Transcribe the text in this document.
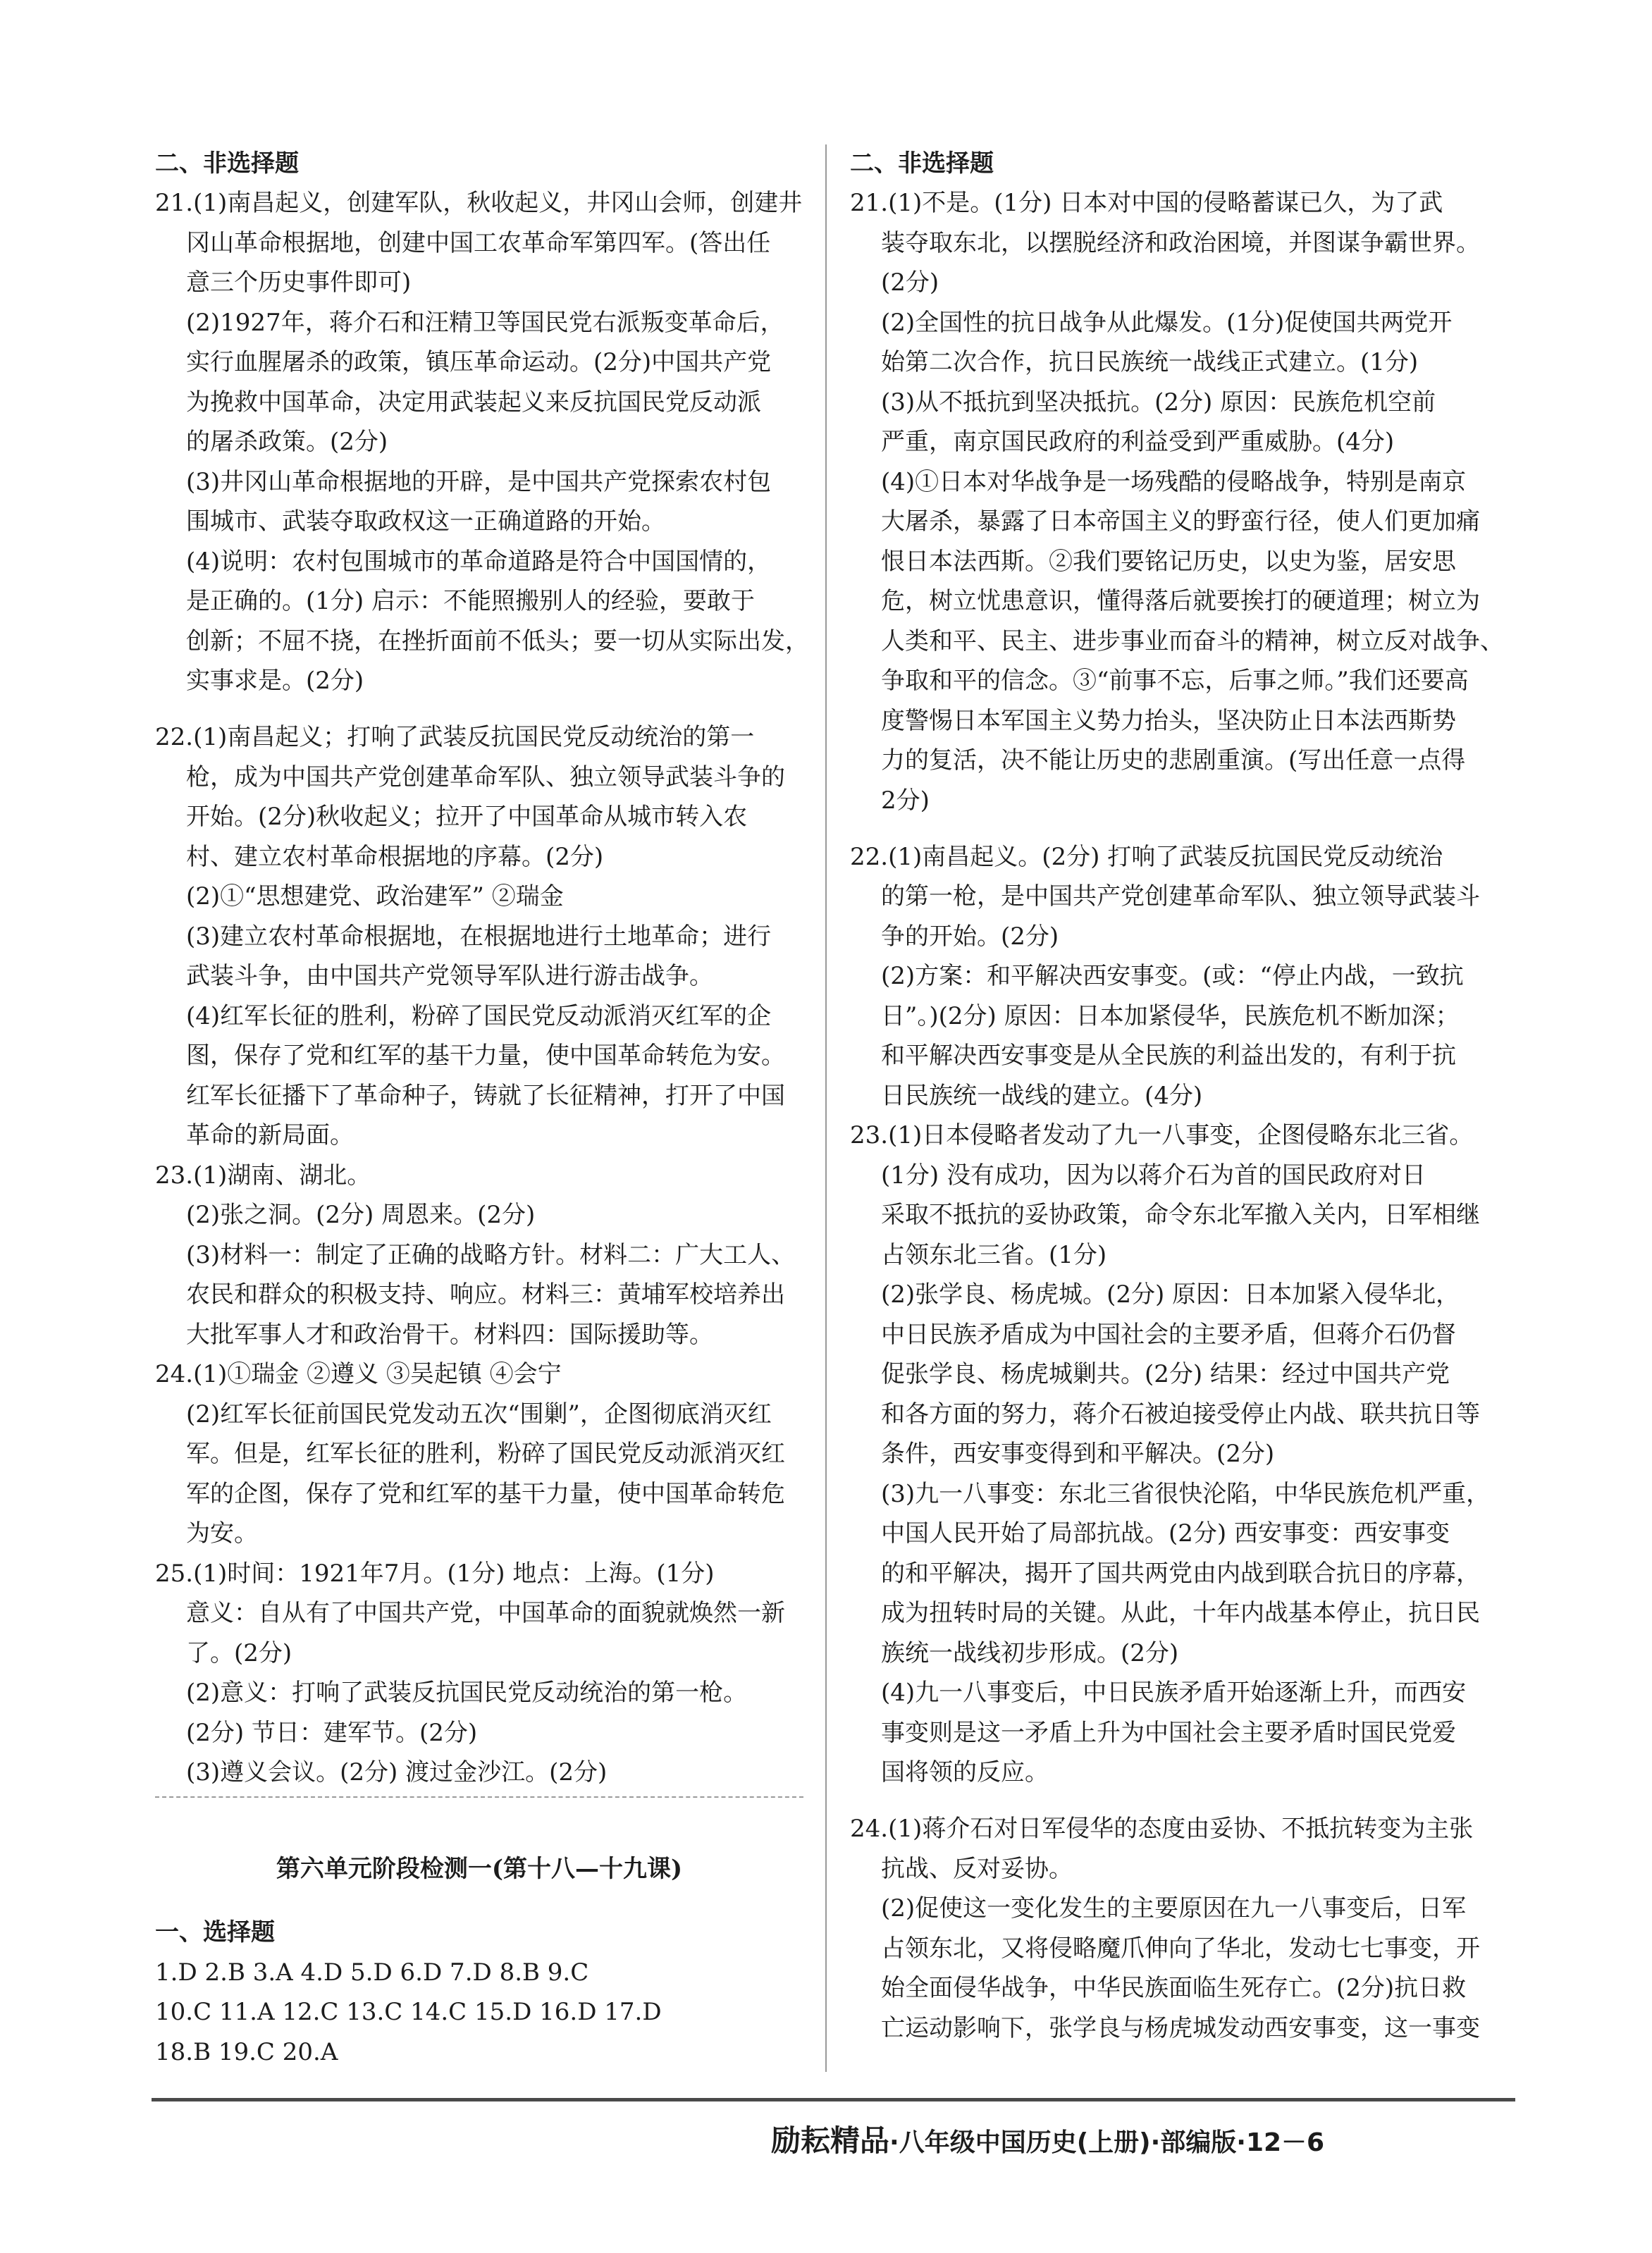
二、非选择题
21.(1)南昌起义，创建军队，秋收起义，井冈山会师，创建井
冈山革命根据地，创建中国工农革命军第四军。(答出任
意三个历史事件即可)
(2)1927年，蒋介石和汪精卫等国民党右派叛变革命后，
实行血腥屠杀的政策，镇压革命运动。(2分)中国共产党
为挽救中国革命，决定用武装起义来反抗国民党反动派
的屠杀政策。(2分)
(3)井冈山革命根据地的开辟，是中国共产党探索农村包
围城市、武装夺取政权这一正确道路的开始。
(4)说明：农村包围城市的革命道路是符合中国国情的，
是正确的。(1分) 启示：不能照搬别人的经验，要敢于
创新；不屈不挠，在挫折面前不低头；要一切从实际出发，
实事求是。(2分)
22.(1)南昌起义；打响了武装反抗国民党反动统治的第一
枪，成为中国共产党创建革命军队、独立领导武装斗争的
开始。(2分)秋收起义；拉开了中国革命从城市转入农
村、建立农村革命根据地的序幕。(2分)
(2)①“思想建党、政治建军” ②瑞金
(3)建立农村革命根据地，在根据地进行土地革命；进行
武装斗争，由中国共产党领导军队进行游击战争。
(4)红军长征的胜利，粉碎了国民党反动派消灭红军的企
图，保存了党和红军的基干力量，使中国革命转危为安。
红军长征播下了革命种子，铸就了长征精神，打开了中国
革命的新局面。
23.(1)湖南、湖北。
(2)张之洞。(2分) 周恩来。(2分)
(3)材料一：制定了正确的战略方针。材料二：广大工人、
农民和群众的积极支持、响应。材料三：黄埔军校培养出
大批军事人才和政治骨干。材料四：国际援助等。
24.(1)①瑞金 ②遵义 ③吴起镇 ④会宁
(2)红军长征前国民党发动五次“围剿”，企图彻底消灭红
军。但是，红军长征的胜利，粉碎了国民党反动派消灭红
军的企图，保存了党和红军的基干力量，使中国革命转危
为安。
25.(1)时间：1921年7月。(1分) 地点：上海。(1分)
意义：自从有了中国共产党，中国革命的面貌就焕然一新
了。(2分)
(2)意义：打响了武装反抗国民党反动统治的第一枪。
(2分) 节日：建军节。(2分)
(3)遵义会议。(2分) 渡过金沙江。(2分)
第六单元阶段检测一(第十八—十九课)
一、选择题
1.D 2.B 3.A 4.D 5.D 6.D 7.D 8.B 9.C
10.C 11.A 12.C 13.C 14.C 15.D 16.D 17.D
18.B 19.C 20.A
二、非选择题
21.(1)不是。(1分) 日本对中国的侵略蓄谋已久，为了武
装夺取东北，以摆脱经济和政治困境，并图谋争霸世界。
(2分)
(2)全国性的抗日战争从此爆发。(1分)促使国共两党开
始第二次合作，抗日民族统一战线正式建立。(1分)
(3)从不抵抗到坚决抵抗。(2分) 原因：民族危机空前
严重，南京国民政府的利益受到严重威胁。(4分)
(4)①日本对华战争是一场残酷的侵略战争，特别是南京
大屠杀，暴露了日本帝国主义的野蛮行径，使人们更加痛
恨日本法西斯。②我们要铭记历史，以史为鉴，居安思
危，树立忧患意识，懂得落后就要挨打的硬道理；树立为
人类和平、民主、进步事业而奋斗的精神，树立反对战争、
争取和平的信念。③“前事不忘，后事之师。”我们还要高
度警惕日本军国主义势力抬头，坚决防止日本法西斯势
力的复活，决不能让历史的悲剧重演。(写出任意一点得
2分)
22.(1)南昌起义。(2分) 打响了武装反抗国民党反动统治
的第一枪，是中国共产党创建革命军队、独立领导武装斗
争的开始。(2分)
(2)方案：和平解决西安事变。(或：“停止内战，一致抗
日”。)(2分) 原因：日本加紧侵华，民族危机不断加深；
和平解决西安事变是从全民族的利益出发的，有利于抗
日民族统一战线的建立。(4分)
23.(1)日本侵略者发动了九一八事变，企图侵略东北三省。
(1分) 没有成功，因为以蒋介石为首的国民政府对日
采取不抵抗的妥协政策，命令东北军撤入关内，日军相继
占领东北三省。(1分)
(2)张学良、杨虎城。(2分) 原因：日本加紧入侵华北，
中日民族矛盾成为中国社会的主要矛盾，但蒋介石仍督
促张学良、杨虎城剿共。(2分) 结果：经过中国共产党
和各方面的努力，蒋介石被迫接受停止内战、联共抗日等
条件，西安事变得到和平解决。(2分)
(3)九一八事变：东北三省很快沦陷，中华民族危机严重，
中国人民开始了局部抗战。(2分) 西安事变：西安事变
的和平解决，揭开了国共两党由内战到联合抗日的序幕，
成为扭转时局的关键。从此，十年内战基本停止，抗日民
族统一战线初步形成。(2分)
(4)九一八事变后，中日民族矛盾开始逐渐上升，而西安
事变则是这一矛盾上升为中国社会主要矛盾时国民党爱
国将领的反应。
24.(1)蒋介石对日军侵华的态度由妥协、不抵抗转变为主张
抗战、反对妥协。
(2)促使这一变化发生的主要原因在九一八事变后，日军
占领东北，又将侵略魔爪伸向了华北，发动七七事变，开
始全面侵华战争，中华民族面临生死存亡。(2分)抗日救
亡运动影响下，张学良与杨虎城发动西安事变，这一事变
励耘精品·八年级中国历史(上册)·部编版·12－6
